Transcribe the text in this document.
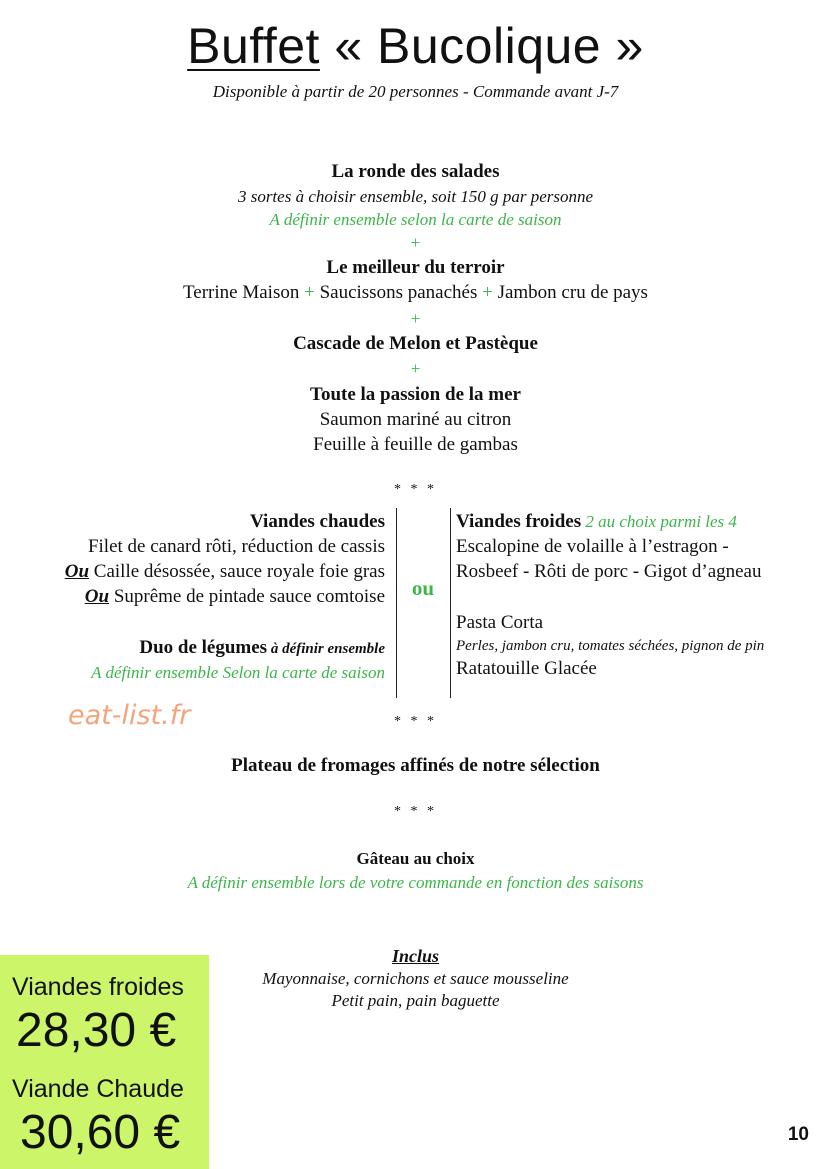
Buffet « Bucolique »
Disponible à partir de 20 personnes - Commande avant J-7
La ronde des salades
3 sortes à choisir ensemble, soit 150 g par personne
A définir ensemble selon la carte de saison
+
Le meilleur du terroir
Terrine Maison + Saucissons panachés + Jambon cru de pays
+
Cascade de Melon et Pastèque
+
Toute la passion de la mer
Saumon mariné au citron
Feuille à feuille de gambas
* * *
Viandes chaudes
Filet de canard rôti, réduction de cassis
Ou Caille désossée, sauce royale foie gras
Ou Suprême de pintade sauce comtoise
Duo de légumes à définir ensemble
A définir ensemble Selon la carte de saison
ou
Viandes froides 2 au choix parmi les 4
Escalopine de volaille à l’estragon -
Rosbeef - Rôti de porc - Gigot d’agneau
Pasta Corta
Perles, jambon cru, tomates séchées, pignon de pin
Ratatouille Glacée
eat-list.fr	* * *
Plateau de fromages affinés de notre sélection
* * *
Gâteau au choix
A définir ensemble lors de votre commande en fonction des saisons
Inclus
Mayonnaise, cornichons et sauce mousseline
Petit pain, pain baguette
Viandes froides
28,30 €
Viande Chaude
30,60 €	10
